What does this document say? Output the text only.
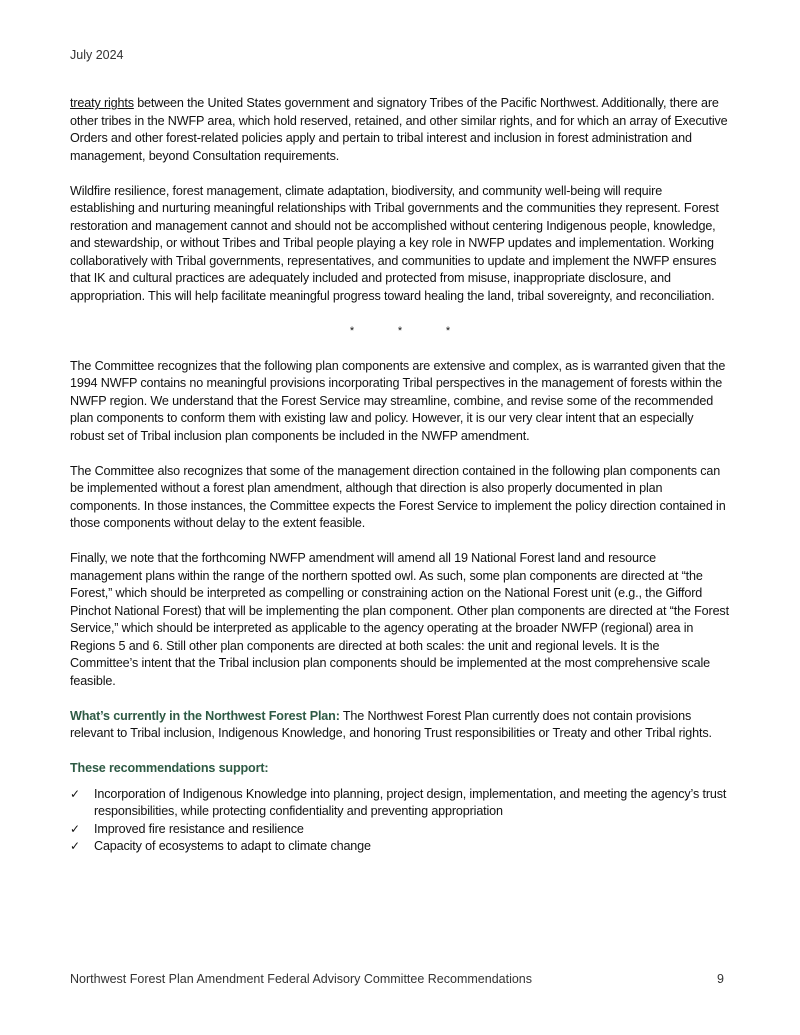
July 2024

treaty rights between the United States government and signatory Tribes of the Pacific Northwest. Additionally, there are other tribes in the NWFP area, which hold reserved, retained, and other similar rights, and for which an array of Executive Orders and other forest-related policies apply and pertain to tribal interest and inclusion in forest administration and management, beyond Consultation requirements.

Wildfire resilience, forest management, climate adaptation, biodiversity, and community well-being will require establishing and nurturing meaningful relationships with Tribal governments and the communities they represent. Forest restoration and management cannot and should not be accomplished without centering Indigenous people, knowledge, and stewardship, or without Tribes and Tribal people playing a key role in NWFP updates and implementation. Working collaboratively with Tribal governments, representatives, and communities to update and implement the NWFP ensures that IK and cultural practices are adequately included and protected from misuse, inappropriate disclosure, and appropriation. This will help facilitate meaningful progress toward healing the land, tribal sovereignty, and reconciliation.

*	*	*

The Committee recognizes that the following plan components are extensive and complex, as is warranted given that the 1994 NWFP contains no meaningful provisions incorporating Tribal perspectives in the management of forests within the NWFP region. We understand that the Forest Service may streamline, combine, and revise some of the recommended plan components to conform them with existing law and policy. However, it is our very clear intent that an especially robust set of Tribal inclusion plan components be included in the NWFP amendment.

The Committee also recognizes that some of the management direction contained in the following plan components can be implemented without a forest plan amendment, although that direction is also properly documented in plan components. In those instances, the Committee expects the Forest Service to implement the policy direction contained in those components without delay to the extent feasible.

Finally, we note that the forthcoming NWFP amendment will amend all 19 National Forest land and resource management plans within the range of the northern spotted owl. As such, some plan components are directed at “the Forest,” which should be interpreted as compelling or constraining action on the National Forest unit (e.g., the Gifford Pinchot National Forest) that will be implementing the plan component. Other plan components are directed at “the Forest Service,” which should be interpreted as applicable to the agency operating at the broader NWFP (regional) area in Regions 5 and 6. Still other plan components are directed at both scales: the unit and regional levels. It is the Committee’s intent that the Tribal inclusion plan components should be implemented at the most comprehensive scale feasible.

What’s currently in the Northwest Forest Plan: The Northwest Forest Plan currently does not contain provisions relevant to Tribal inclusion, Indigenous Knowledge, and honoring Trust responsibilities or Treaty and other Tribal rights.

These recommendations support:

✓ Incorporation of Indigenous Knowledge into planning, project design, implementation, and meeting the agency’s trust responsibilities, while protecting confidentiality and preventing appropriation
✓ Improved fire resistance and resilience
✓ Capacity of ecosystems to adapt to climate change
Northwest Forest Plan Amendment Federal Advisory Committee Recommendations	9
